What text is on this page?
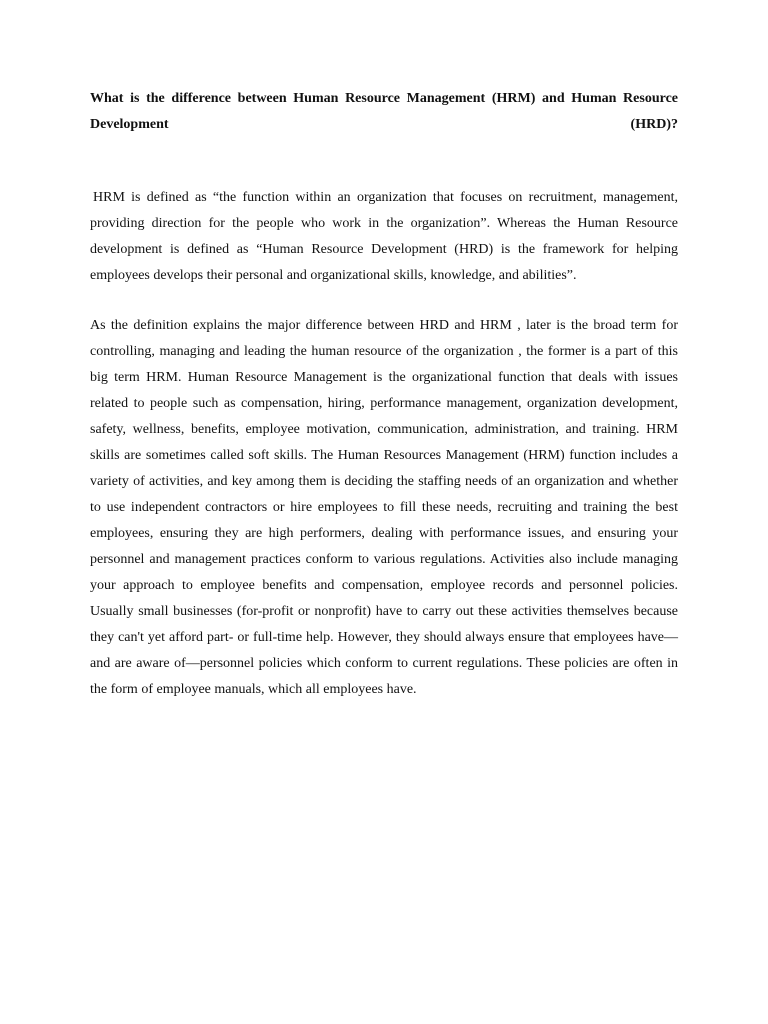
What is the difference between Human Resource Management (HRM) and Human Resource Development (HRD)?

HRM is defined as “the function within an organization that focuses on recruitment, management, providing direction for the people who work in the organization”. Whereas the Human Resource development is defined as “Human Resource Development (HRD) is the framework for helping employees develops their personal and organizational skills, knowledge, and abilities”.

As the definition explains the major difference between HRD and HRM , later is the broad term for controlling, managing and leading the human resource of the organization , the former is a part of this big term HRM. Human Resource Management is the organizational function that deals with issues related to people such as compensation, hiring, performance management, organization development, safety, wellness, benefits, employee motivation, communication, administration, and training. HRM skills are sometimes called soft skills. The Human Resources Management (HRM) function includes a variety of activities, and key among them is deciding the staffing needs of an organization and whether to use independent contractors or hire employees to fill these needs, recruiting and training the best employees, ensuring they are high performers, dealing with performance issues, and ensuring your personnel and management practices conform to various regulations. Activities also include managing your approach to employee benefits and compensation, employee records and personnel policies. Usually small businesses (for-profit or nonprofit) have to carry out these activities themselves because they can't yet afford part- or full-time help. However, they should always ensure that employees have—and are aware of—personnel policies which conform to current regulations. These policies are often in the form of employee manuals, which all employees have.
